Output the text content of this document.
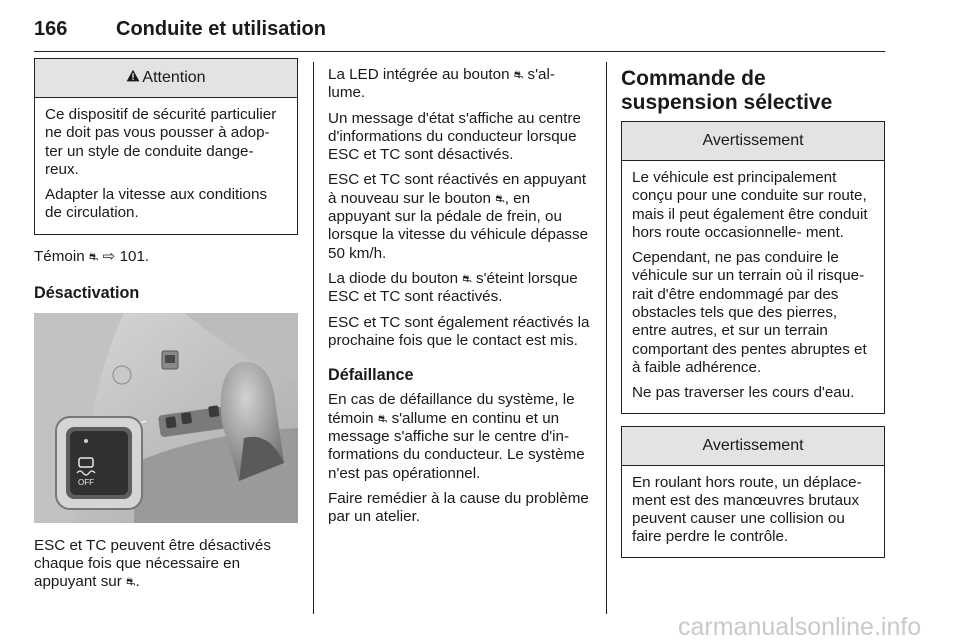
166 Conduite et utilisation
Attention

Ce dispositif de sécurité particulier ne doit pas vous pousser à adop- ter un style de conduite dange- reux.

Adapter la vitesse aux conditions de circulation.

Témoin ⛐ ⇨ 101.

Désactivation
OFF

ESC et TC peuvent être désactivés chaque fois que nécessaire en appuyant sur ⛐.

La LED intégrée au bouton ⛐ s'al- lume.

Un message d'état s'affiche au centre d'informations du conducteur lorsque ESC et TC sont désactivés.

ESC et TC sont réactivés en appuyant à nouveau sur le bouton ⛐, en appuyant sur la pédale de frein, ou lorsque la vitesse du véhicule dépasse 50 km/h.

La diode du bouton ⛐ s'éteint lorsque ESC et TC sont réactivés.

ESC et TC sont également réactivés la prochaine fois que le contact est mis.

Défaillance

En cas de défaillance du système, le témoin ⛐ s'allume en continu et un message s'affiche sur le centre d'in- formations du conducteur. Le système n'est pas opérationnel.

Faire remédier à la cause du problème par un atelier.

Commande de suspension sélective
Avertissement

Le véhicule est principalement conçu pour une conduite sur route, mais il peut également être conduit hors route occasionnelle- ment.

Cependant, ne pas conduire le véhicule sur un terrain où il risque- rait d'être endommagé par des obstacles tels que des pierres, entre autres, et sur un terrain comportant des pentes abruptes et à faible adhérence.

Ne pas traverser les cours d'eau.

Avertissement

En roulant hors route, un déplace- ment est des manœuvres brutaux peuvent causer une collision ou faire perdre le contrôle.

carmanualsonline.info
